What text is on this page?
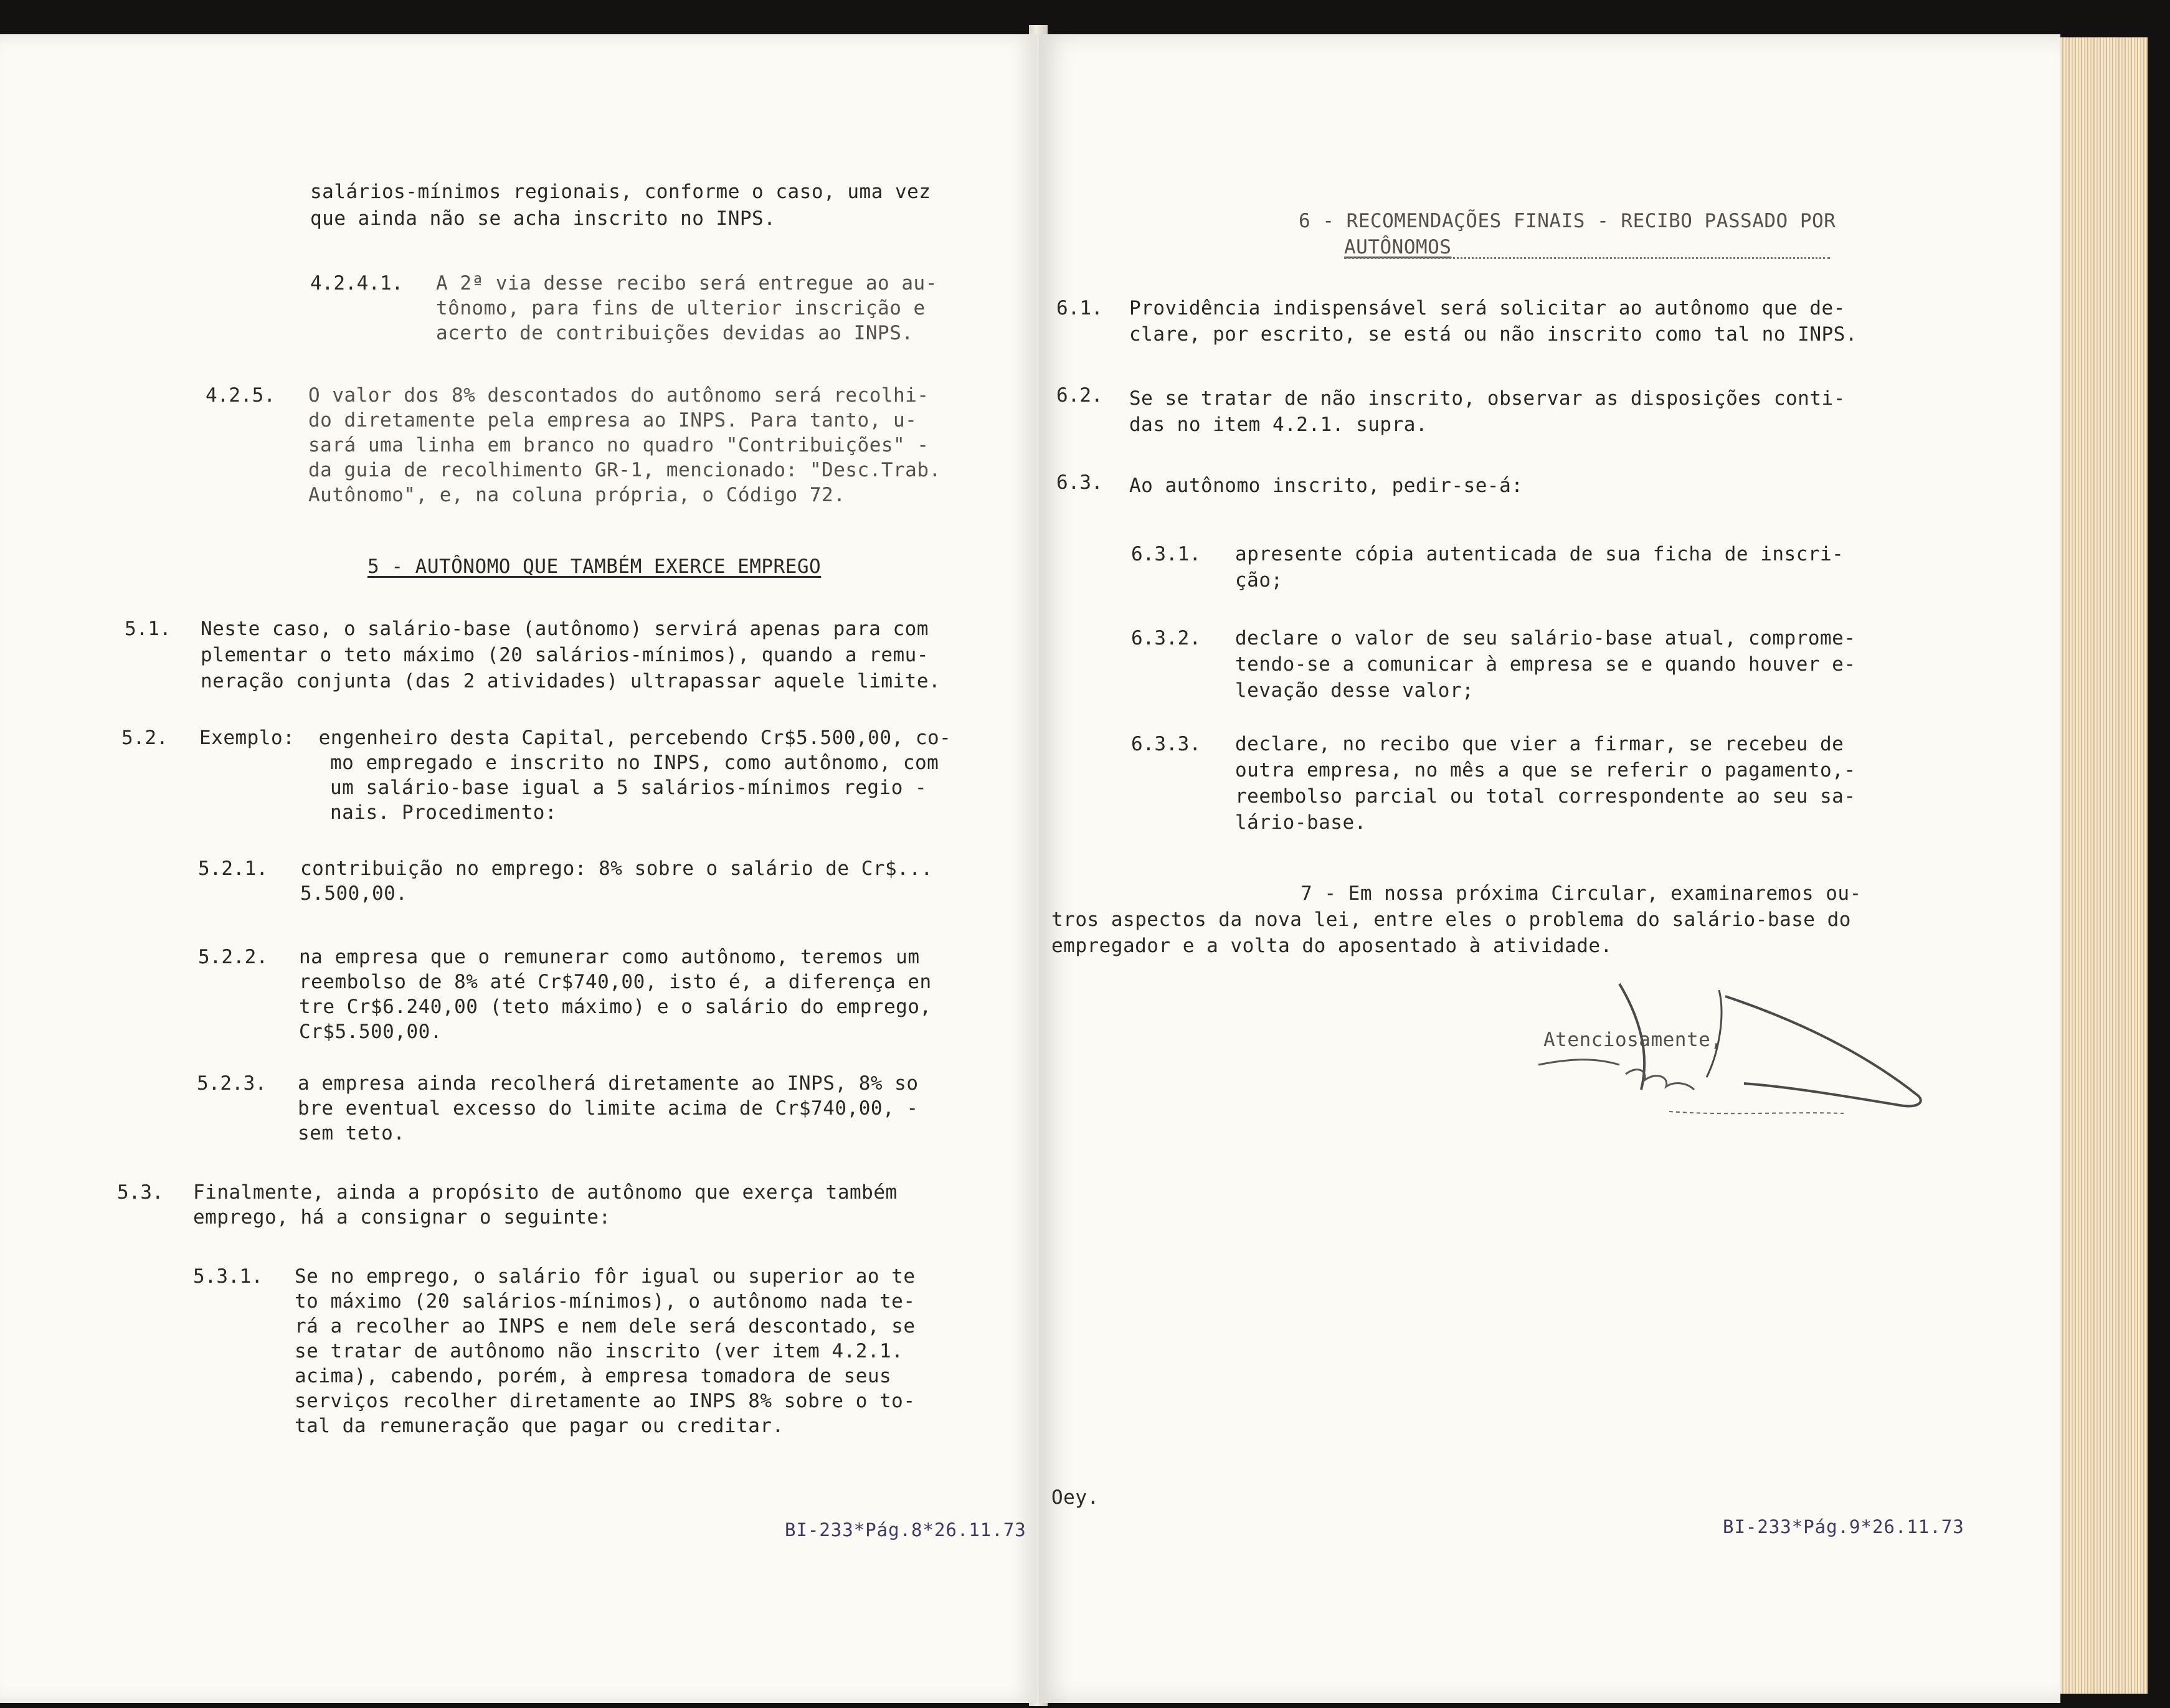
salários-mínimos regionais, conforme o caso, uma vez
que ainda não se acha inscrito no INPS.
4.2.4.1. A 2ª via desse recibo será entregue ao au-
tônomo, para fins de ulterior inscrição e
acerto de contribuições devidas ao INPS.
4.2.5. O valor dos 8% descontados do autônomo será recolhi-
do diretamente pela empresa ao INPS. Para tanto, u-
sará uma linha em branco no quadro "Contribuições" -
da guia de recolhimento GR-1, mencionado: "Desc.Trab.
Autônomo", e, na coluna própria, o Código 72.
5 - AUTÔNOMO QUE TAMBÉM EXERCE EMPREGO
5.1. Neste caso, o salário-base (autônomo) servirá apenas para com
plementar o teto máximo (20 salários-mínimos), quando a remu-
neração conjunta (das 2 atividades) ultrapassar aquele limite.
5.2. Exemplo:  engenheiro desta Capital, percebendo Cr$5.500,00, co-
mo empregado e inscrito no INPS, como autônomo, com
um salário-base igual a 5 salários-mínimos regio -
nais. Procedimento:
5.2.1. contribuição no emprego: 8% sobre o salário de Cr$...
5.500,00.
5.2.2. na empresa que o remunerar como autônomo, teremos um
reembolso de 8% até Cr$740,00, isto é, a diferença en
tre Cr$6.240,00 (teto máximo) e o salário do emprego,
Cr$5.500,00.
5.2.3. a empresa ainda recolherá diretamente ao INPS, 8% so
bre eventual excesso do limite acima de Cr$740,00, -
sem teto.
5.3. Finalmente, ainda a propósito de autônomo que exerça também
emprego, há a consignar o seguinte:
5.3.1. Se no emprego, o salário fôr igual ou superior ao te
to máximo (20 salários-mínimos), o autônomo nada te-
rá a recolher ao INPS e nem dele será descontado, se
se tratar de autônomo não inscrito (ver item 4.2.1.
acima), cabendo, porém, à empresa tomadora de seus
serviços recolher diretamente ao INPS 8% sobre o to-
tal da remuneração que pagar ou creditar.
BI-233*Pág.8*26.11.73
6 - RECOMENDAÇÕES FINAIS - RECIBO PASSADO POR
AUTÔNOMOS
6.1. Providência indispensável será solicitar ao autônomo que de-
clare, por escrito, se está ou não inscrito como tal no INPS.
6.2. Se se tratar de não inscrito, observar as disposições conti-
das no item 4.2.1. supra.
6.3. Ao autônomo inscrito, pedir-se-á:
6.3.1. apresente cópia autenticada de sua ficha de inscri-
ção;
6.3.2. declare o valor de seu salário-base atual, comprome-
tendo-se a comunicar à empresa se e quando houver e-
levação desse valor;
6.3.3. declare, no recibo que vier a firmar, se recebeu de
outra empresa, no mês a que se referir o pagamento,-
reembolso parcial ou total correspondente ao seu sa-
lário-base.
7 - Em nossa próxima Circular, examinaremos ou-
tros aspectos da nova lei, entre eles o problema do salário-base do
empregador e a volta do aposentado à atividade.
Atenciosamente,
Oey.
BI-233*Pág.9*26.11.73
